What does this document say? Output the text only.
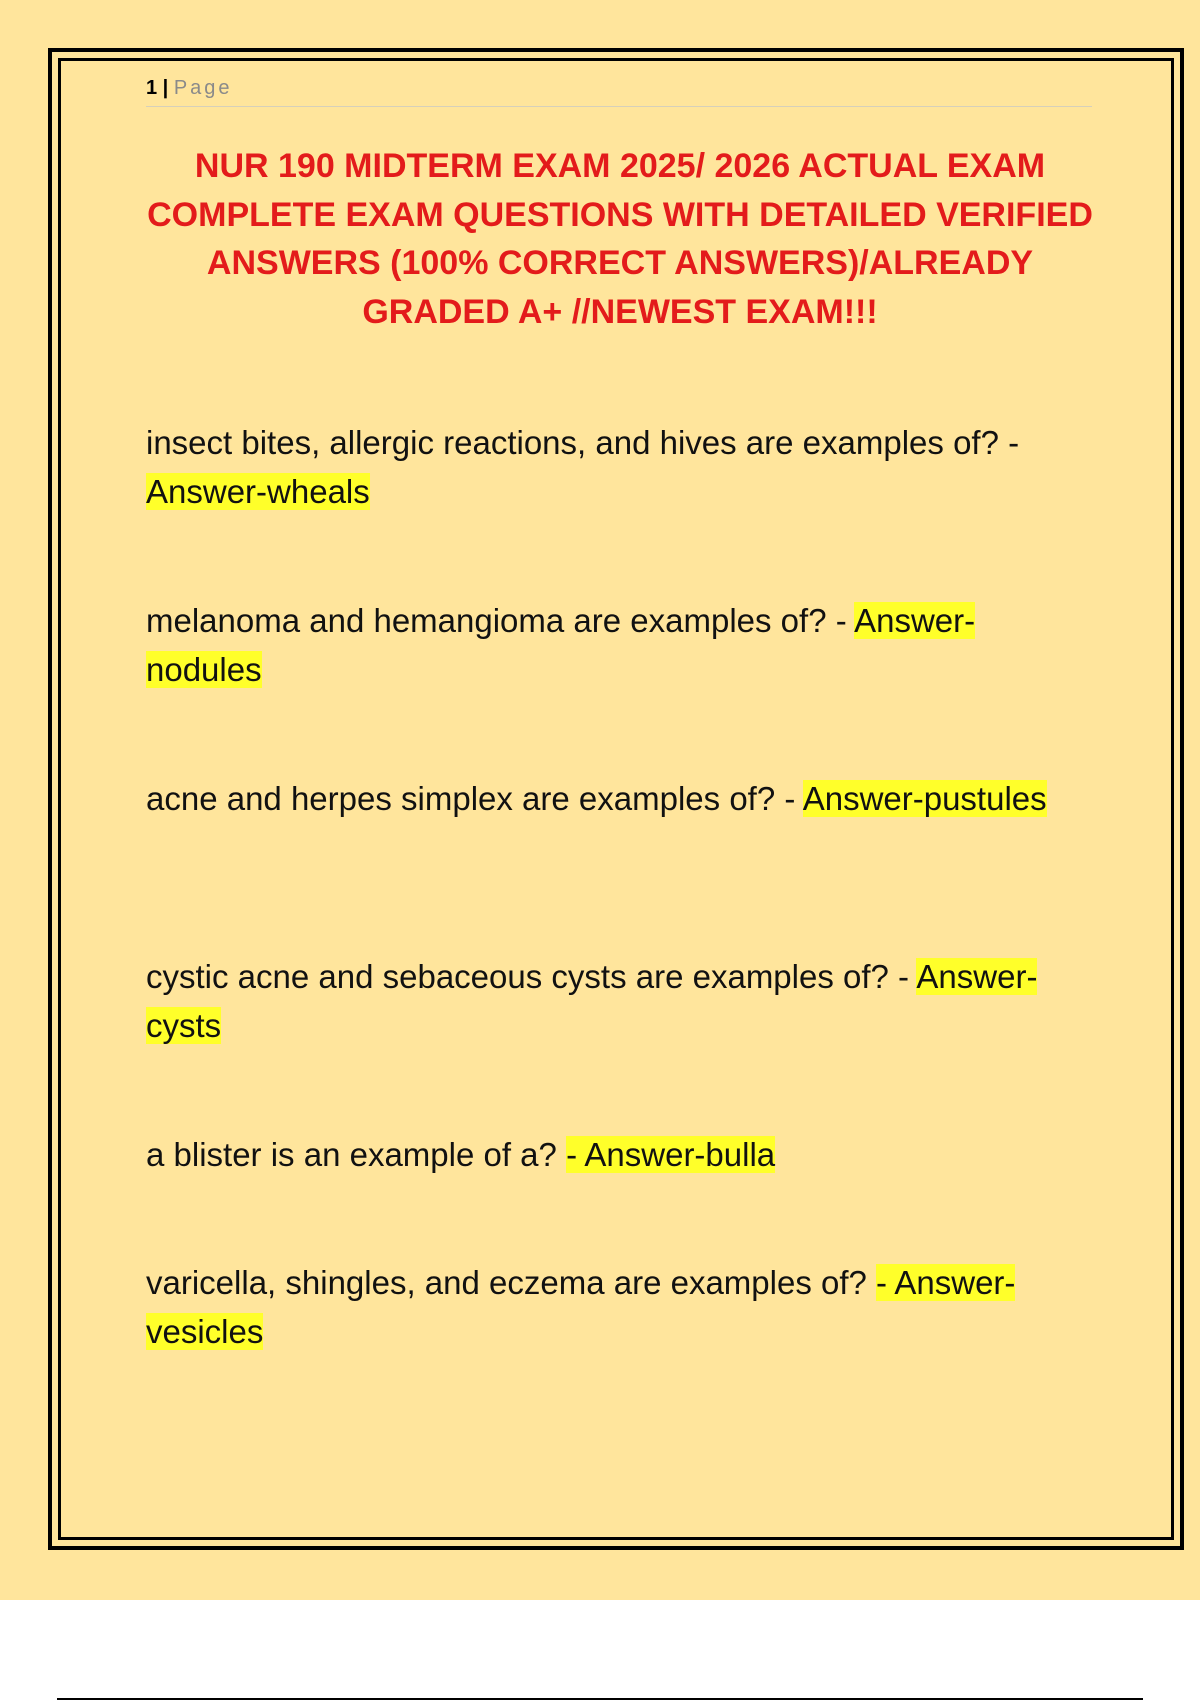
1 | Page
NUR 190 MIDTERM EXAM 2025/ 2026 ACTUAL EXAM COMPLETE EXAM QUESTIONS WITH DETAILED VERIFIED ANSWERS (100% CORRECT ANSWERS)/ALREADY GRADED A+ //NEWEST EXAM!!!
insect bites, allergic reactions, and hives are examples of? - Answer-wheals
melanoma and hemangioma are examples of? - Answer-nodules
acne and herpes simplex are examples of? - Answer-pustules
cystic acne and sebaceous cysts are examples of? - Answer-cysts
a blister is an example of a? - Answer-bulla
varicella, shingles, and eczema are examples of? - Answer-vesicles
